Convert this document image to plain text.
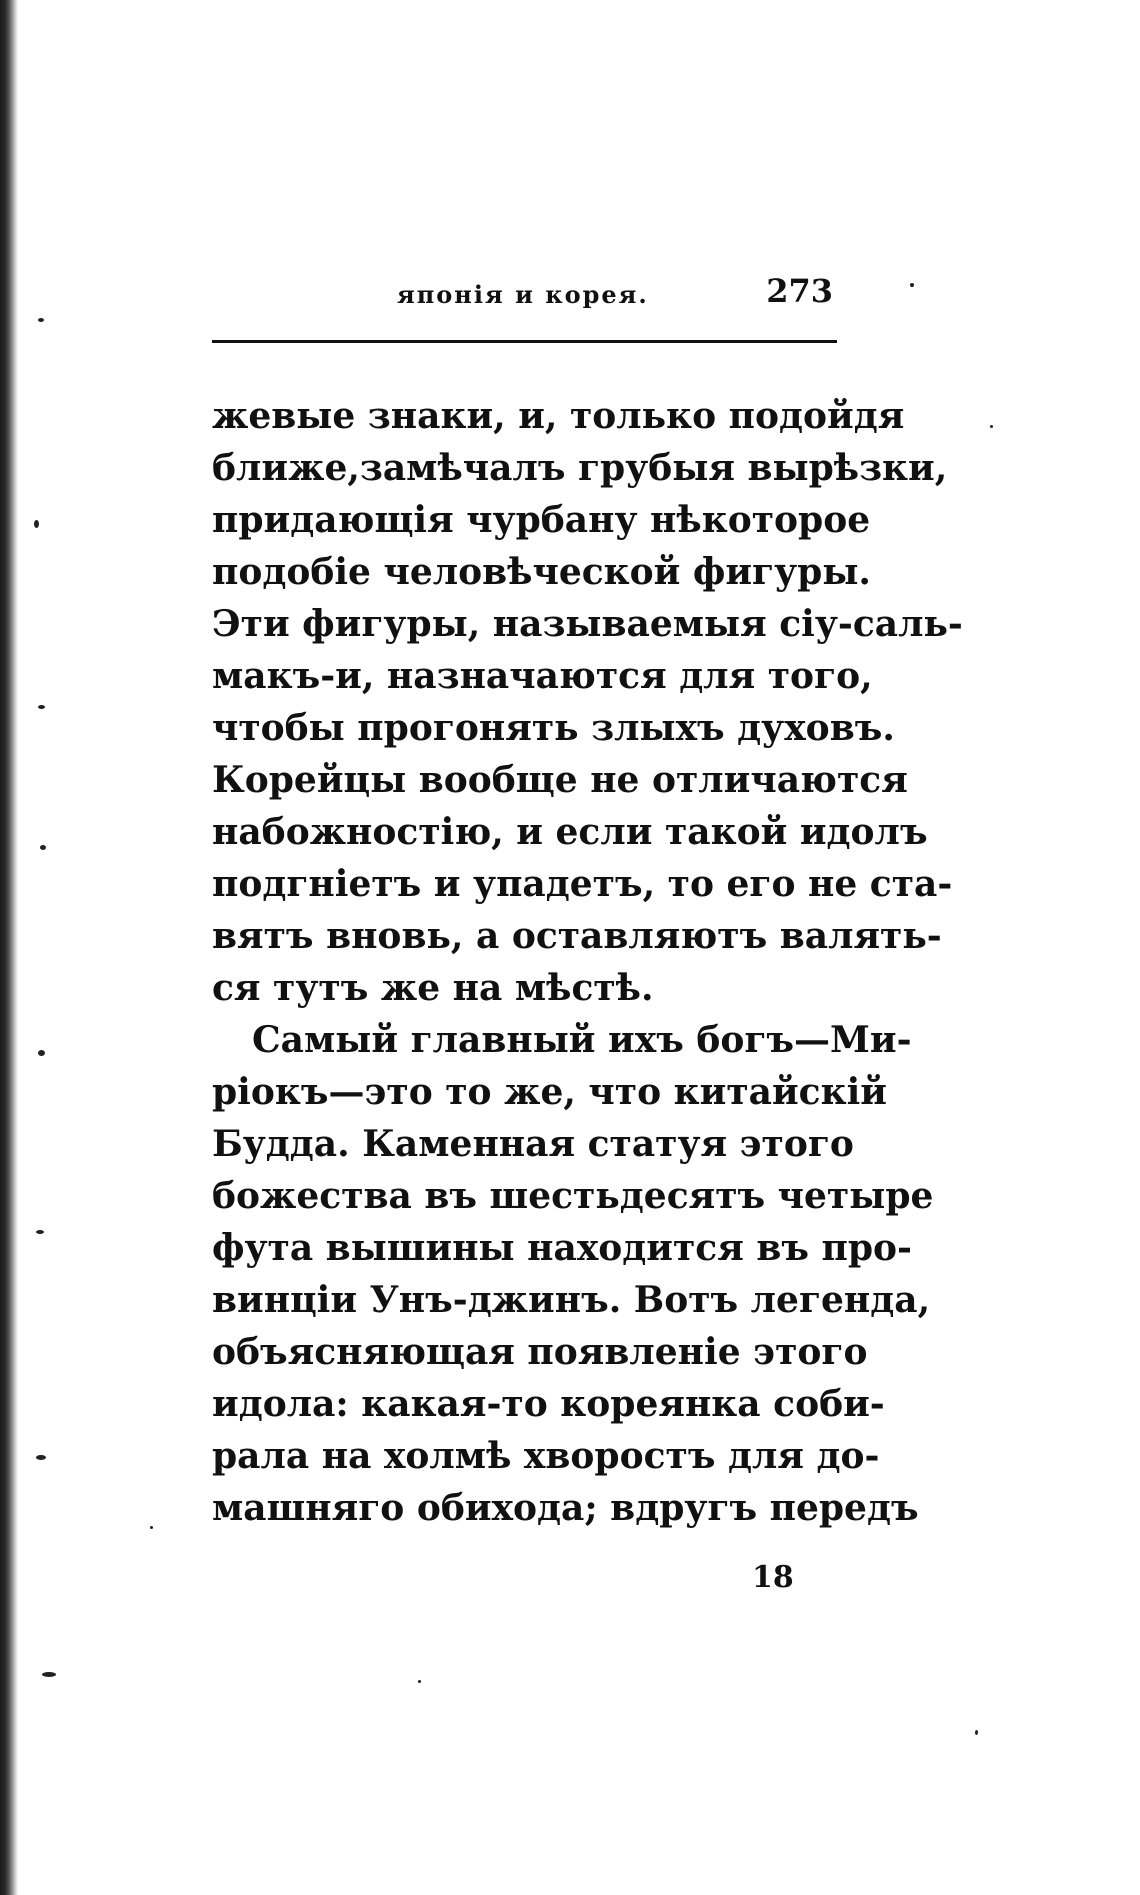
японія и корея.	273
жевые знаки, и, только подойдя
ближе,замѣчалъ грубыя вырѣзки,
придающія чурбану нѣкоторое
подобіе человѣческой фигуры.
Эти фигуры, называемыя сіу-саль-
макъ-и, назначаются для того,
чтобы прогонять злыхъ духовъ.
Корейцы вообще не отличаются
набожностію, и если такой идолъ
подгніетъ и упадетъ, то его не ста-
вятъ вновь, а оставляютъ валять-
ся тутъ же на мѣстѣ.
Самый главный ихъ богъ—Ми-
ріокъ—это то же, что китайскій
Будда. Каменная статуя этого
божества въ шестьдесятъ четыре
фута вышины находится въ про-
винціи Унъ-джинъ. Вотъ легенда,
объясняющая появленіе этого
идола: какая-то кореянка соби-
рала на холмѣ хворостъ для до-
машняго обихода; вдругъ передъ
18
